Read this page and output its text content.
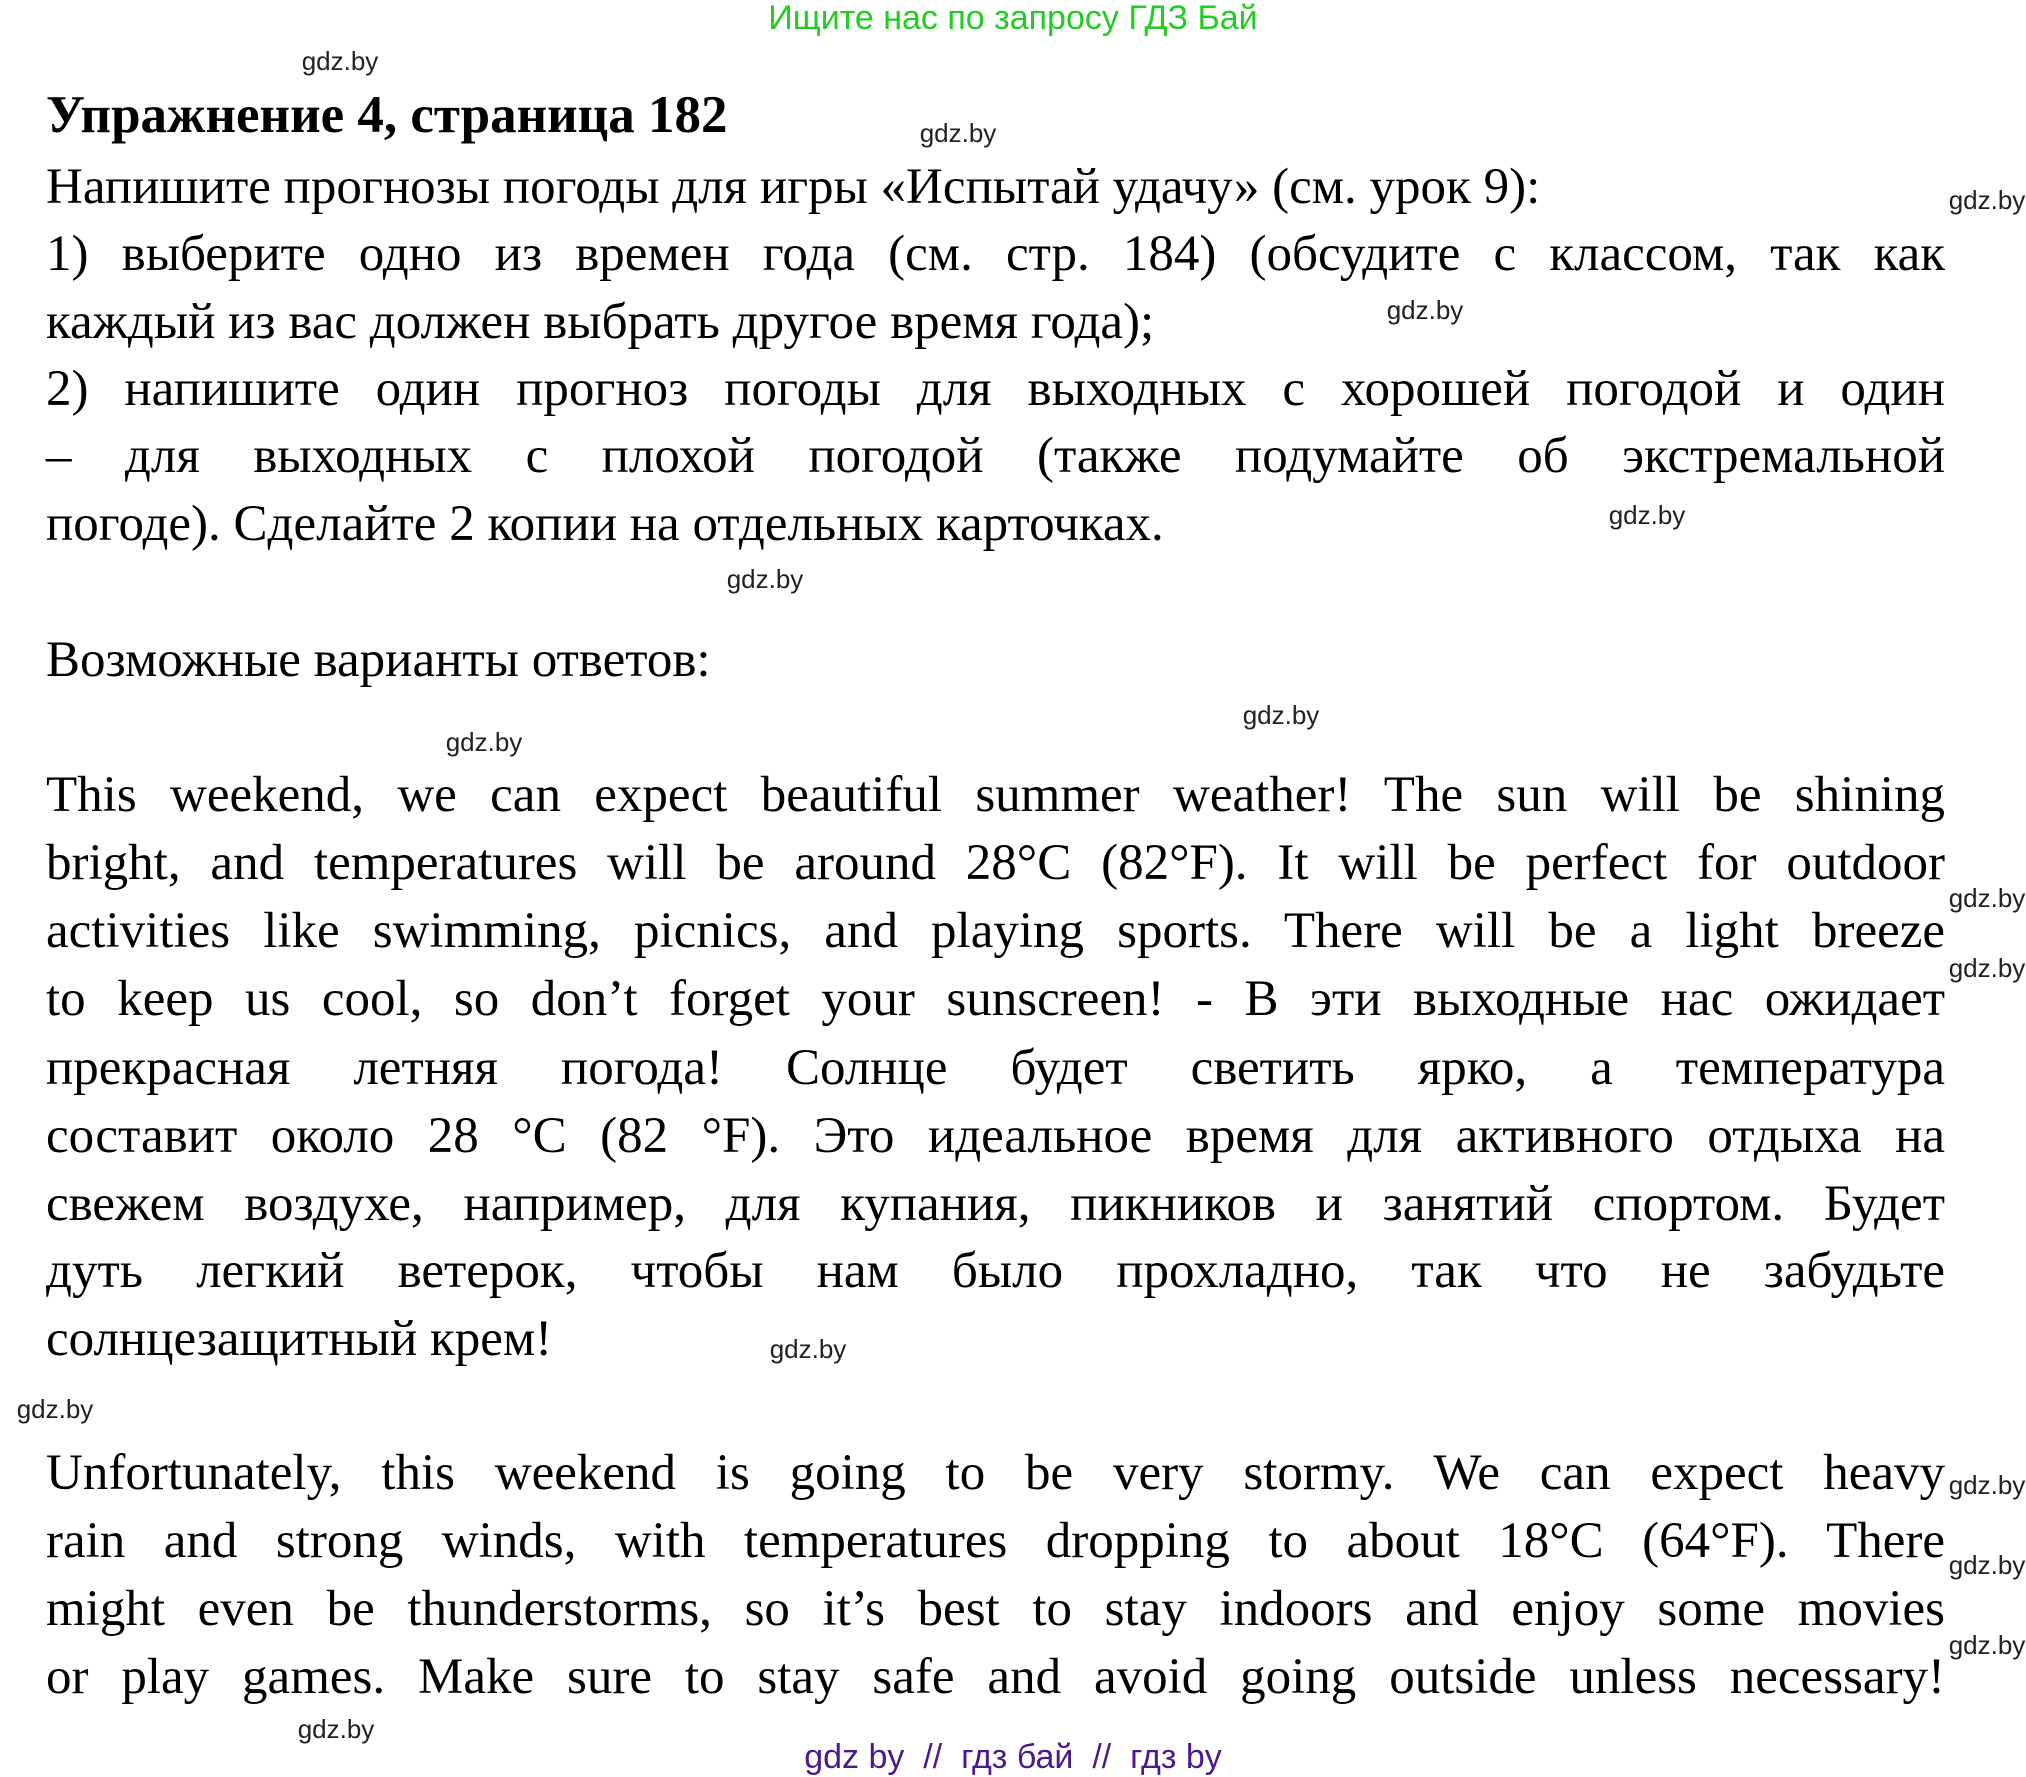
Ищите нас по запросу ГДЗ Бай
Упражнение 4, страница 182
Напишите прогнозы погоды для игры «Испытай удачу» (см. урок 9):
1) выберите одно из времен года (см. стр. 184) (обсудите с классом, так как
каждый из вас должен выбрать другое время года);
2) напишите один прогноз погоды для выходных с хорошей погодой и один
– для выходных с плохой погодой (также подумайте об экстремальной
погоде). Сделайте 2 копии на отдельных карточках.
Возможные варианты ответов:
This weekend, we can expect beautiful summer weather! The sun will be shining
bright, and temperatures will be around 28°C (82°F). It will be perfect for outdoor
activities like swimming, picnics, and playing sports. There will be a light breeze
to keep us cool, so don’t forget your sunscreen! - В эти выходные нас ожидает
прекрасная летняя погода! Солнце будет светить ярко, а температура
составит около 28 °C (82 °F). Это идеальное время для активного отдыха на
свежем воздухе, например, для купания, пикников и занятий спортом. Будет
дуть легкий ветерок, чтобы нам было прохладно, так что не забудьте
солнцезащитный крем!
Unfortunately, this weekend is going to be very stormy. We can expect heavy
rain and strong winds, with temperatures dropping to about 18°C (64°F). There
might even be thunderstorms, so it’s best to stay indoors and enjoy some movies
or play games. Make sure to stay safe and avoid going outside unless necessary!
gdz.by
gdz.by
gdz.by
gdz.by
gdz.by
gdz.by
gdz.by
gdz.by
gdz.by
gdz.by
gdz.by
gdz.by
gdz.by
gdz.by
gdz.by
gdz.by
gdz by  //  гдз бай  //  гдз by
